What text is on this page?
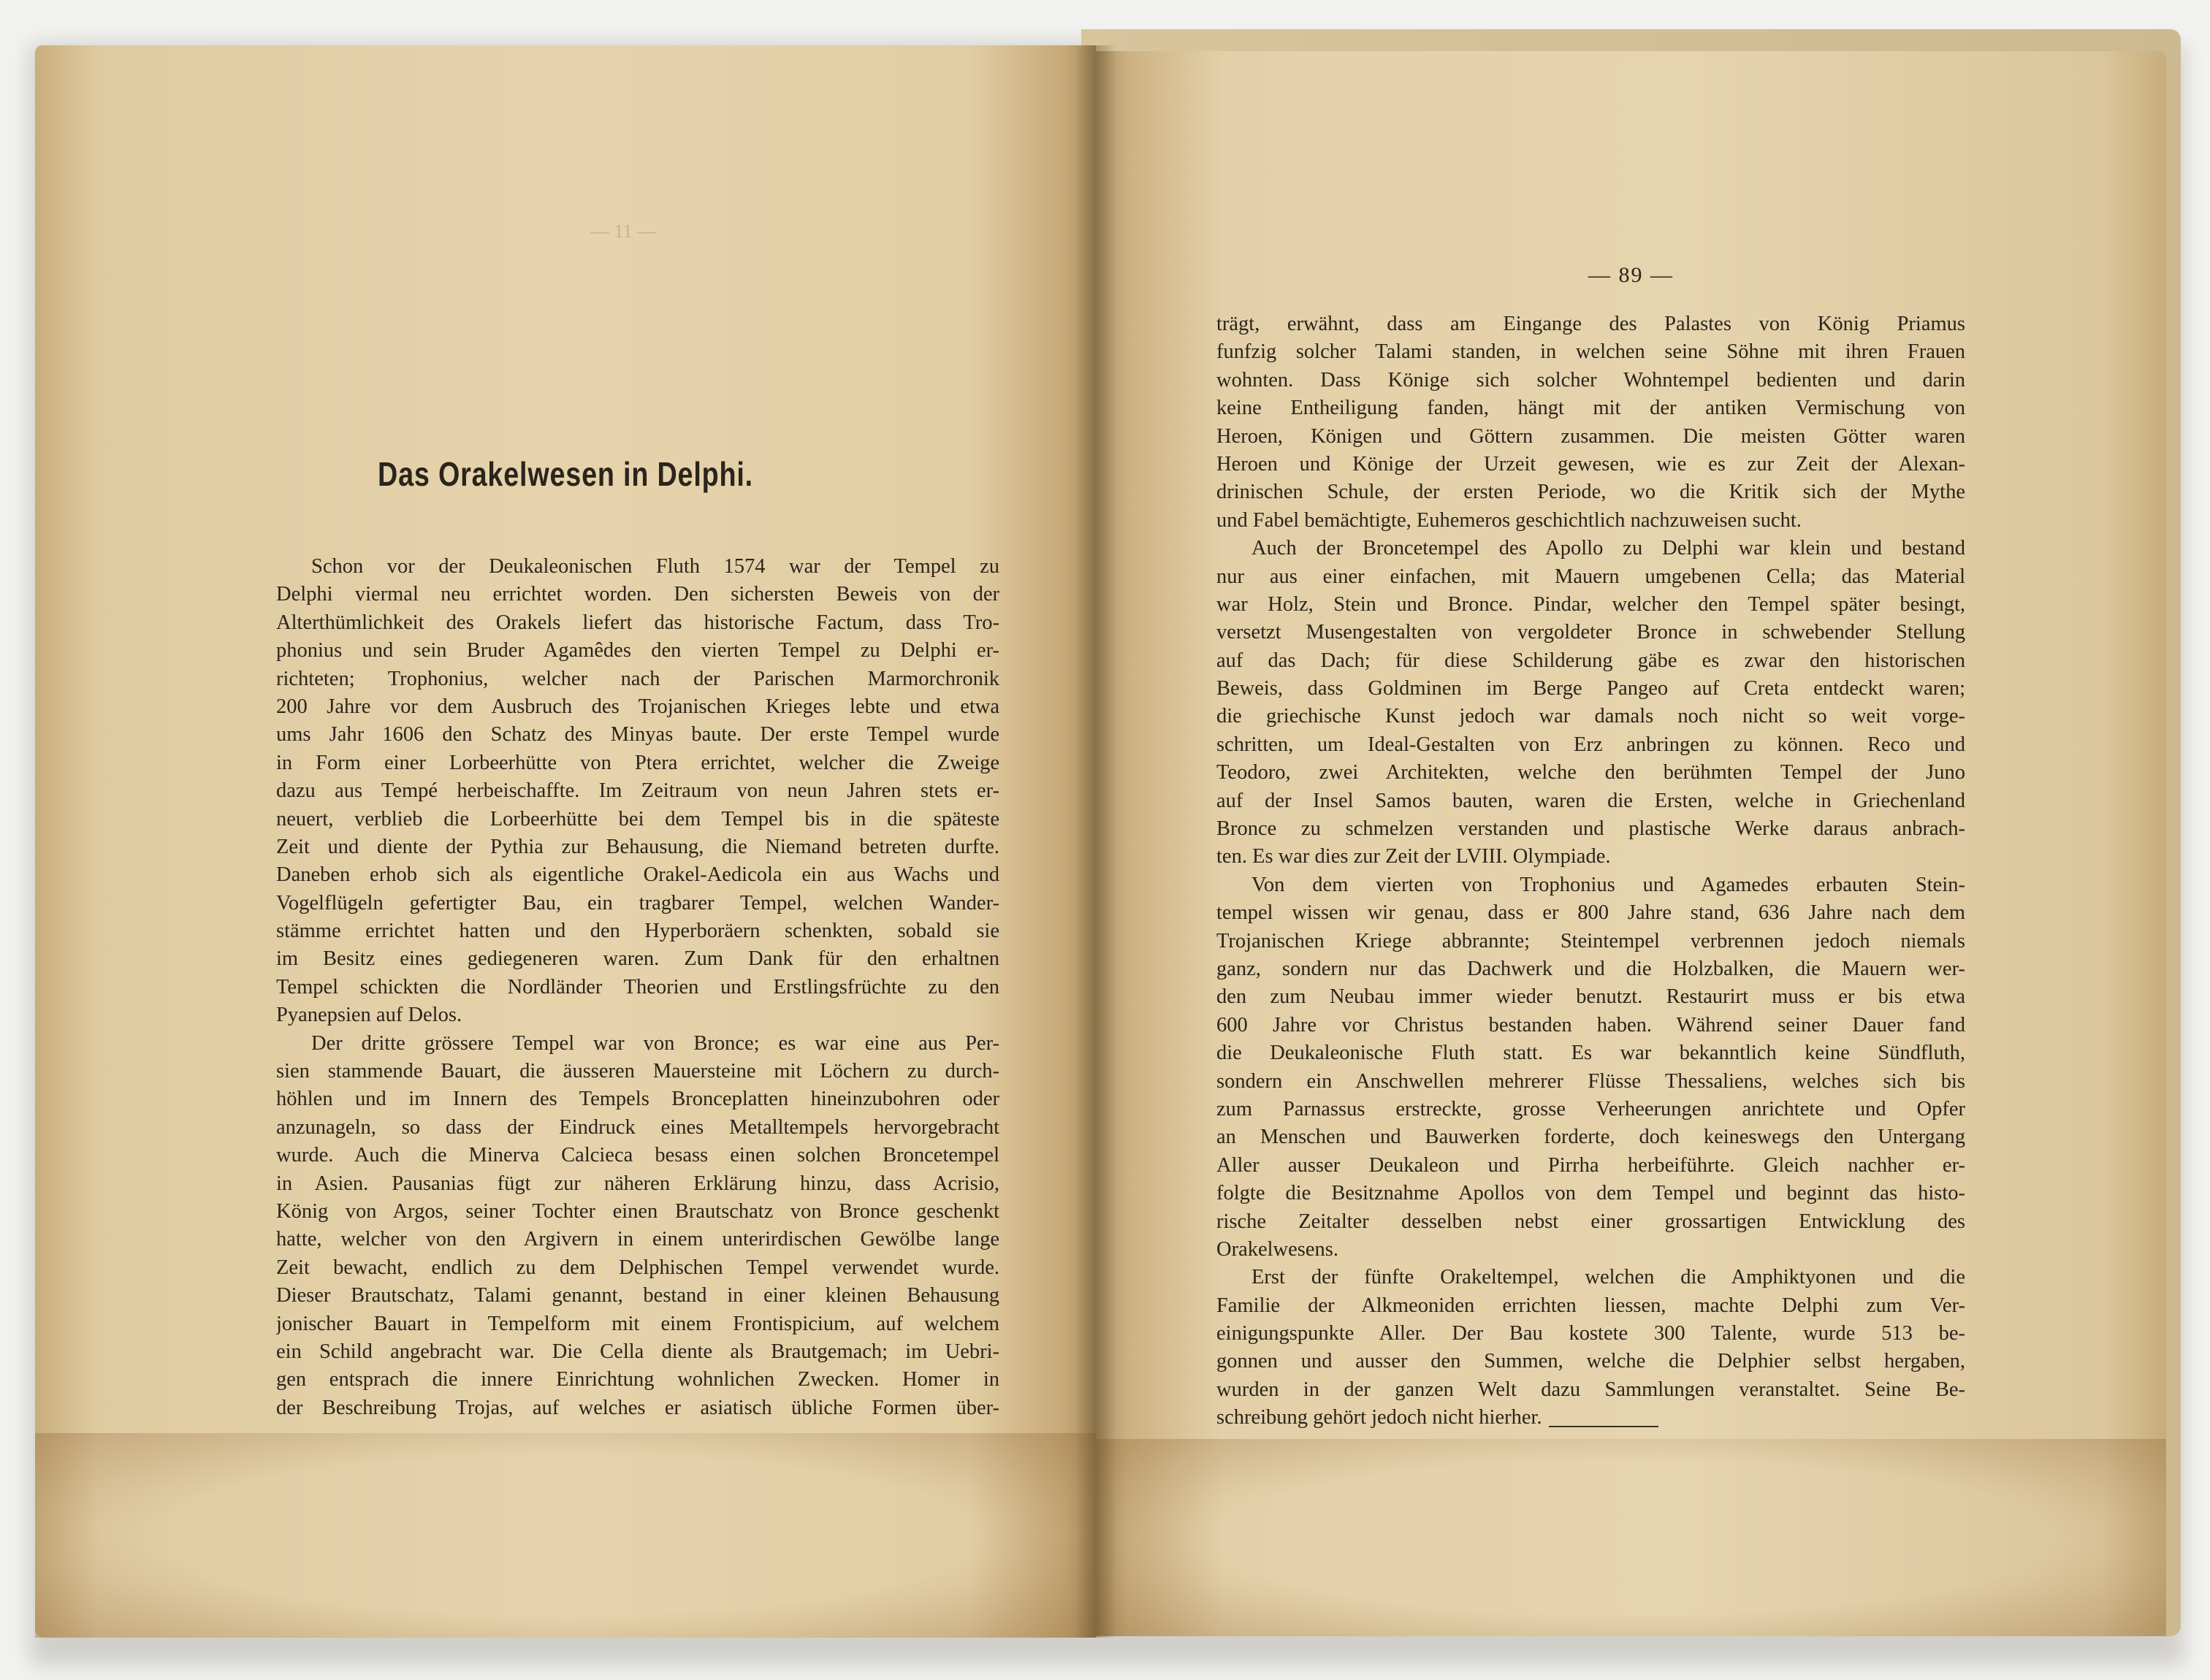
— 11 —
Das Orakelwesen in Delphi.
Schon vor der Deukaleonischen Fluth 1574 war der Tempel zu
Delphi viermal neu errichtet worden. Den sichersten Beweis von der
Alterthümlichkeit des Orakels liefert das historische Factum, dass Tro-
phonius und sein Bruder Agamêdes den vierten Tempel zu Delphi er-
richteten; Trophonius, welcher nach der Parischen Marmorchronik
200 Jahre vor dem Ausbruch des Trojanischen Krieges lebte und etwa
ums Jahr 1606 den Schatz des Minyas baute. Der erste Tempel wurde
in Form einer Lorbeerhütte von Ptera errichtet, welcher die Zweige
dazu aus Tempé herbeischaffte. Im Zeitraum von neun Jahren stets er-
neuert, verblieb die Lorbeerhütte bei dem Tempel bis in die späteste
Zeit und diente der Pythia zur Behausung, die Niemand betreten durfte.
Daneben erhob sich als eigentliche Orakel-Aedicola ein aus Wachs und
Vogelflügeln gefertigter Bau, ein tragbarer Tempel, welchen Wander-
stämme errichtet hatten und den Hyperboräern schenkten, sobald sie
im Besitz eines gediegeneren waren. Zum Dank für den erhaltnen
Tempel schickten die Nordländer Theorien und Erstlingsfrüchte zu den
Pyanepsien auf Delos.
Der dritte grössere Tempel war von Bronce; es war eine aus Per-
sien stammende Bauart, die äusseren Mauersteine mit Löchern zu durch-
höhlen und im Innern des Tempels Bronceplatten hineinzubohren oder
anzunageln, so dass der Eindruck eines Metalltempels hervorgebracht
wurde. Auch die Minerva Calcieca besass einen solchen Broncetempel
in Asien. Pausanias fügt zur näheren Erklärung hinzu, dass Acrisio,
König von Argos, seiner Tochter einen Brautschatz von Bronce geschenkt
hatte, welcher von den Argivern in einem unterirdischen Gewölbe lange
Zeit bewacht, endlich zu dem Delphischen Tempel verwendet wurde.
Dieser Brautschatz, Talami genannt, bestand in einer kleinen Behausung
jonischer Bauart in Tempelform mit einem Frontispicium, auf welchem
ein Schild angebracht war. Die Cella diente als Brautgemach; im Uebri-
gen entsprach die innere Einrichtung wohnlichen Zwecken. Homer in
der Beschreibung Trojas, auf welches er asiatisch übliche Formen über-
— 89 —
trägt, erwähnt, dass am Eingange des Palastes von König Priamus
funfzig solcher Talami standen, in welchen seine Söhne mit ihren Frauen
wohnten. Dass Könige sich solcher Wohntempel bedienten und darin
keine Entheiligung fanden, hängt mit der antiken Vermischung von
Heroen, Königen und Göttern zusammen. Die meisten Götter waren
Heroen und Könige der Urzeit gewesen, wie es zur Zeit der Alexan-
drinischen Schule, der ersten Periode, wo die Kritik sich der Mythe
und Fabel bemächtigte, Euhemeros geschichtlich nachzuweisen sucht.
Auch der Broncetempel des Apollo zu Delphi war klein und bestand
nur aus einer einfachen, mit Mauern umgebenen Cella; das Material
war Holz, Stein und Bronce. Pindar, welcher den Tempel später besingt,
versetzt Musengestalten von vergoldeter Bronce in schwebender Stellung
auf das Dach; für diese Schilderung gäbe es zwar den historischen
Beweis, dass Goldminen im Berge Pangeo auf Creta entdeckt waren;
die griechische Kunst jedoch war damals noch nicht so weit vorge-
schritten, um Ideal-Gestalten von Erz anbringen zu können. Reco und
Teodoro, zwei Architekten, welche den berühmten Tempel der Juno
auf der Insel Samos bauten, waren die Ersten, welche in Griechenland
Bronce zu schmelzen verstanden und plastische Werke daraus anbrach-
ten. Es war dies zur Zeit der LVIII. Olympiade.
Von dem vierten von Trophonius und Agamedes erbauten Stein-
tempel wissen wir genau, dass er 800 Jahre stand, 636 Jahre nach dem
Trojanischen Kriege abbrannte; Steintempel verbrennen jedoch niemals
ganz, sondern nur das Dachwerk und die Holzbalken, die Mauern wer-
den zum Neubau immer wieder benutzt. Restaurirt muss er bis etwa
600 Jahre vor Christus bestanden haben. Während seiner Dauer fand
die Deukaleonische Fluth statt. Es war bekanntlich keine Sündfluth,
sondern ein Anschwellen mehrerer Flüsse Thessaliens, welches sich bis
zum Parnassus erstreckte, grosse Verheerungen anrichtete und Opfer
an Menschen und Bauwerken forderte, doch keineswegs den Untergang
Aller ausser Deukaleon und Pirrha herbeiführte. Gleich nachher er-
folgte die Besitznahme Apollos von dem Tempel und beginnt das histo-
rische Zeitalter desselben nebst einer grossartigen Entwicklung des
Orakelwesens.
Erst der fünfte Orakeltempel, welchen die Amphiktyonen und die
Familie der Alkmeoniden errichten liessen, machte Delphi zum Ver-
einigungspunkte Aller. Der Bau kostete 300 Talente, wurde 513 be-
gonnen und ausser den Summen, welche die Delphier selbst hergaben,
wurden in der ganzen Welt dazu Sammlungen veranstaltet. Seine Be-
schreibung gehört jedoch nicht hierher.
